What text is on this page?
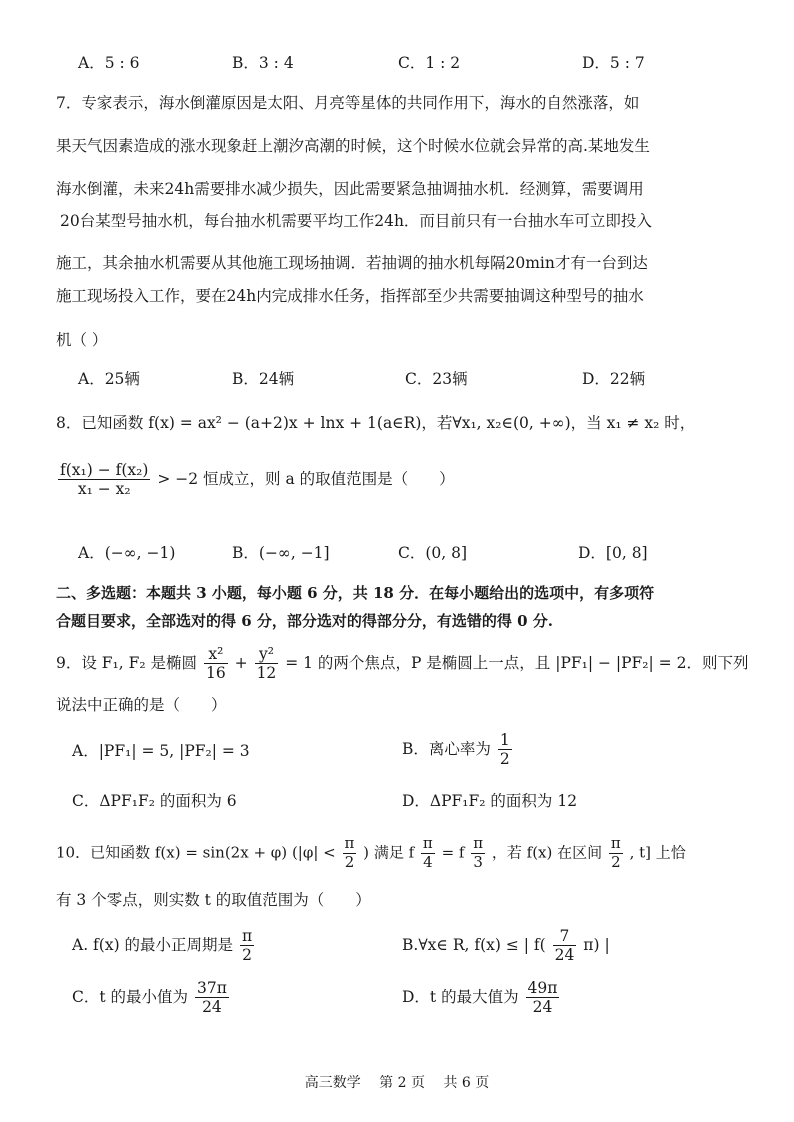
A．5 : 6	B．3 : 4	C．1 : 2	D．5 : 7
7．专家表示，海水倒灌原因是太阳、月亮等星体的共同作用下，海水的自然涨落，如
果天气因素造成的涨水现象赶上潮汐高潮的时候，这个时候水位就会异常的高.某地发生
海水倒灌，未来24h需要排水减少损失，因此需要紧急抽调抽水机．经测算，需要调用
20台某型号抽水机，每台抽水机需要平均工作24h．而目前只有一台抽水车可立即投入
施工，其余抽水机需要从其他施工现场抽调．若抽调的抽水机每隔20min才有一台到达
施工现场投入工作，要在24h内完成排水任务，指挥部至少共需要抽调这种型号的抽水
机（ ）
A．25辆	B．24辆	C．23辆	D．22辆
8．已知函数 f(x) = ax² − (a+2)x + lnx + 1(a∈R)，若∀x₁, x₂∈(0, +∞)，当 x₁ ≠ x₂ 时，
$\frac{\text{f(x₁) − f(x₂)}}{\text{x₁ − x₂}} > -2$ 恒成立，则 a 的取值范围是（　　）
A．(−∞, −1)	B．(−∞, −1]	C．(0, 8]	D．[0, 8]
二、多选题：本题共 3 小题，每小题 6 分，共 18 分．在每小题给出的选项中，有多项符
合题目要求，全部选对的得 6 分，部分选对的得部分分，有选错的得 0 分.
9．设 F₁, F₂ 是椭圆 $\frac{\text{x²}}{16} + \frac{\text{y²}}{12} = 1$ 的两个焦点，P 是椭圆上一点，且 |PF₁| − |PF₂| = 2．则下列
说法中正确的是（　　）
A．|PF₁| = 5, |PF₂| = 3	B．离心率为 $\frac{1}{2}$
C．ΔPF₁F₂ 的面积为 6	D．ΔPF₁F₂ 的面积为 12
10．已知函数 f(x) = sin(2x + φ) ($|\varphi| < \frac{\pi}{2}$ ) 满足 f $\frac{\pi}{4} = f \frac{\pi}{3}$ ，若 f(x) 在区间 $\frac{\pi}{2}$ , t] 上恰
有 3 个零点，则实数 t 的取值范围为（　　）
A. f(x) 的最小正周期是 $\frac{\pi}{2}$	B.∀x∈ R, f(x) ≤ | $f( \frac{7}{24} \pi)$ |
C．t 的最小值为 $\frac{37\pi}{24}$	D．t 的最大值为 $\frac{49\pi}{24}$
高三数学　 第 2 页　 共 6 页
